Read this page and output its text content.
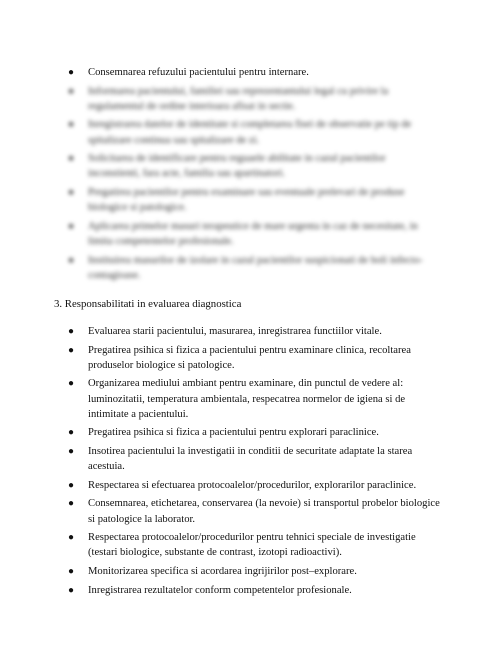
● Consemnarea refuzului pacientului pentru internare.
● Informarea pacientului, familiei sau reprezentantului legal cu privire la regulamentul de ordine interioara afisat in sectie.
● Inregistrarea datelor de identitate si completarea fisei de observatie pe tip de spitalizare continua sau spitalizare de zi.
● Solicitarea de identificare pentru reguaele abilitate in cazul pacientilor inconstienti, fara acte, familia sau apartinatori.
● Pregatirea pacientilor pentru examinare sau eventuale prelevari de produse biologice si patologice.
● Aplicarea primelor masuri terapeutice de mare urgenta in caz de necesitate, in limita competentelor profesionale.
● Instituirea masurilor de izolare in cazul pacientilor suspicionati de boli infecto-contagioase.
3. Responsabilitati in evaluarea diagnostica
● Evaluarea starii pacientului, masurarea, inregistrarea functiilor vitale.
● Pregatirea psihica si fizica a pacientului pentru examinare clinica, recoltarea produselor biologice si patologice.
● Organizarea mediului ambiant pentru examinare, din punctul de vedere al: luminozitatii, temperatura ambientala, respecatrea normelor de igiena si de intimitate a pacientului.
● Pregatirea psihica si fizica a pacientului pentru explorari paraclinice.
● Insotirea pacientului la investigatii in conditii de securitate adaptate la starea acestuia.
● Respectarea si efectuarea protocoalelor/procedurilor, explorarilor paraclinice.
● Consemnarea, etichetarea, conservarea (la nevoie) si transportul probelor biologice si patologice la laborator.
● Respectarea protocoalelor/procedurilor pentru tehnici speciale de investigatie (testari biologice, substante de contrast, izotopi radioactivi).
● Monitorizarea specifica si acordarea ingrijirilor post–explorare.
● Inregistrarea rezultatelor conform competentelor profesionale.
